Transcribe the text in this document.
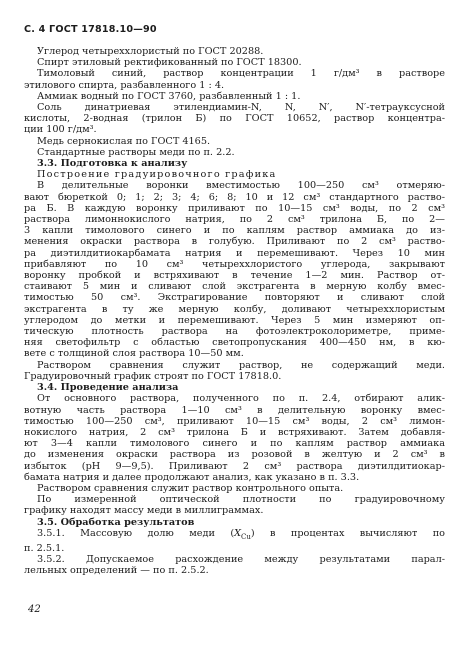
С. 4 ГОСТ 17818.10—90

Углерод четыреххлористый по ГОСТ 20288.

Спирт этиловый ректификованный по ГОСТ 18300.

Тимоловый синий, раствор концентрации 1 г/дм³ в растворе

этилового спирта, разбавленного 1 : 4.

Аммиак водный по ГОСТ 3760, разбавленный 1 : 1.

Соль динатриевая этилендиамин-N, N, N′, N′-тетрауксусной

кислоты, 2-водная (трилон Б) по ГОСТ 10652, раствор концентра-

ции 100 г/дм³.

Медь сернокислая по ГОСТ 4165.

Стандартные растворы меди по п. 2.2.

3.3. Подготовка к анализу

Построение градуировочного графика

В делительные воронки вместимостью 100—250 см³ отмеряю-

вают бюреткой 0; 1; 2; 3; 4; 6; 8; 10 и 12 см³ стандартного раство-

ра Б. В каждую воронку приливают по 10—15 см³ воды, по 2 см³

раствора лимоннокислого натрия, по 2 см³ трилона Б, по 2—

3 капли тимолового синего и по каплям раствор аммиака до из-

менения окраски раствора в голубую. Приливают по 2 см³ раство-

ра диэтилдитиокарбамата натрия и перемешивают. Через 10 мин

прибавляют по 10 см³ четыреххлористого углерода, закрывают

воронку пробкой и встряхивают в течение 1—2 мин. Раствор от-

стаивают 5 мин и сливают слой экстрагента в мерную колбу вмес-

тимостью 50 см³. Экстрагирование повторяют и сливают слой

экстрагента в ту же мерную колбу, доливают четыреххлористым

углеродом до метки и перемешивают. Через 5 мин измеряют оп-

тическую плотность раствора на фотоэлектроколориметре, приме-

няя светофильтр с областью светопропускания 400—450 нм, в кю-

вете с толщиной слоя раствора 10—50 мм.

Раствором сравнения служит раствор, не содержащий меди.

Градуировочный график строят по ГОСТ 17818.0.

3.4. Проведение анализа

От основного раствора, полученного по п. 2.4, отбирают алик-

вотную часть раствора 1—10 см³ в делительную воронку вмес-

тимостью 100—250 см³, приливают 10—15 см³ воды, 2 см³ лимон-

нокислого натрия, 2 см³ трилона Б и встряхивают. Затем добавля-

ют 3—4 капли тимолового синего и по каплям раствор аммиака

до изменения окраски раствора из розовой в желтую и 2 см³ в

избыток (рН 9—9,5). Приливают 2 см³ раствора диэтилдитиокар-

бамата натрия и далее продолжают анализ, как указано в п. 3.3.

Раствором сравнения служит раствор контрольного опыта.

По измеренной оптической плотности по градуировочному

графику находят массу меди в миллиграммах.

3.5. Обработка результатов

3.5.1. Массовую долю меди $(X_{Cu})$ в процентах вычисляют по

п. 2.5.1.

3.5.2. Допускаемое расхождение между результатами парал-

лельных определений — по п. 2.5.2.

42
